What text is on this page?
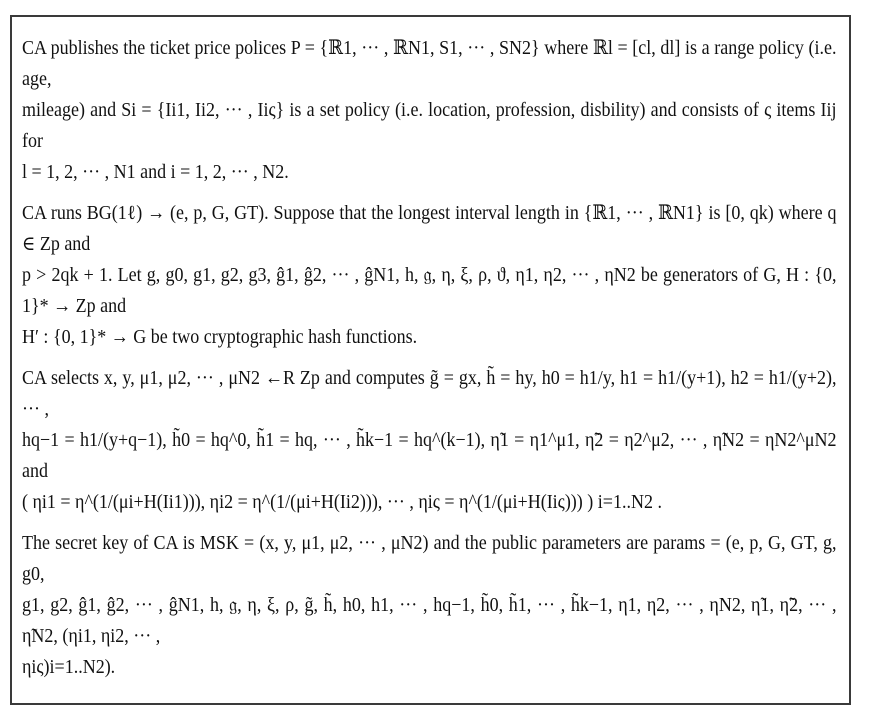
CA publishes the ticket price polices P = {ℝ1, ··· , ℝN1, S1, ··· , SN2} where ℝl = [cl, dl] is a range policy (i.e. age,
mileage) and Si = {Ii1, Ii2, ··· , Iiς} is a set policy (i.e. location, profession, disbility) and consists of ς items Iij for
l = 1, 2, ··· , N1 and i = 1, 2, ··· , N2.

CA runs BG(1ℓ) → (e, p, G, GT). Suppose that the longest interval length in {ℝ1, ··· , ℝN1} is [0, qk) where q ∈ Zp and
p > 2qk + 1. Let g, g0, g1, g2, g3, ĝ1, ĝ2, ··· , ĝN1, h, 𝔤, η, ξ, ρ, ϑ, η1, η2, ··· , ηN2 be generators of G, H : {0, 1}* → Zp and
H′ : {0, 1}* → G be two cryptographic hash functions.

CA selects x, y, μ1, μ2, ··· , μN2 ←R Zp and computes g̃ = gx, h̃ = hy, h0 = h1/y, h1 = h1/(y+1), h2 = h1/(y+2), ··· ,
hq−1 = h1/(y+q−1), h̃0 = hq^0, h̃1 = hq, ··· , h̃k−1 = hq^(k−1), η̃1 = η1^μ1, η̃2 = η2^μ2, ··· , η̃N2 = ηN2^μN2 and
( ηi1 = η^(1/(μi+H(Ii1))), ηi2 = η^(1/(μi+H(Ii2))), ··· , ηiς = η^(1/(μi+H(Iiς))) ) i=1..N2 .

The secret key of CA is MSK = (x, y, μ1, μ2, ··· , μN2) and the public parameters are params = (e, p, G, GT, g, g0,
g1, g2, ĝ1, ĝ2, ··· , ĝN1, h, 𝔤, η, ξ, ρ, g̃, h̃, h0, h1, ··· , hq−1, h̃0, h̃1, ··· , h̃k−1, η1, η2, ··· , ηN2, η̃1, η̃2, ··· , η̃N2, (ηi1, ηi2, ··· ,
ηiς)i=1..N2).
